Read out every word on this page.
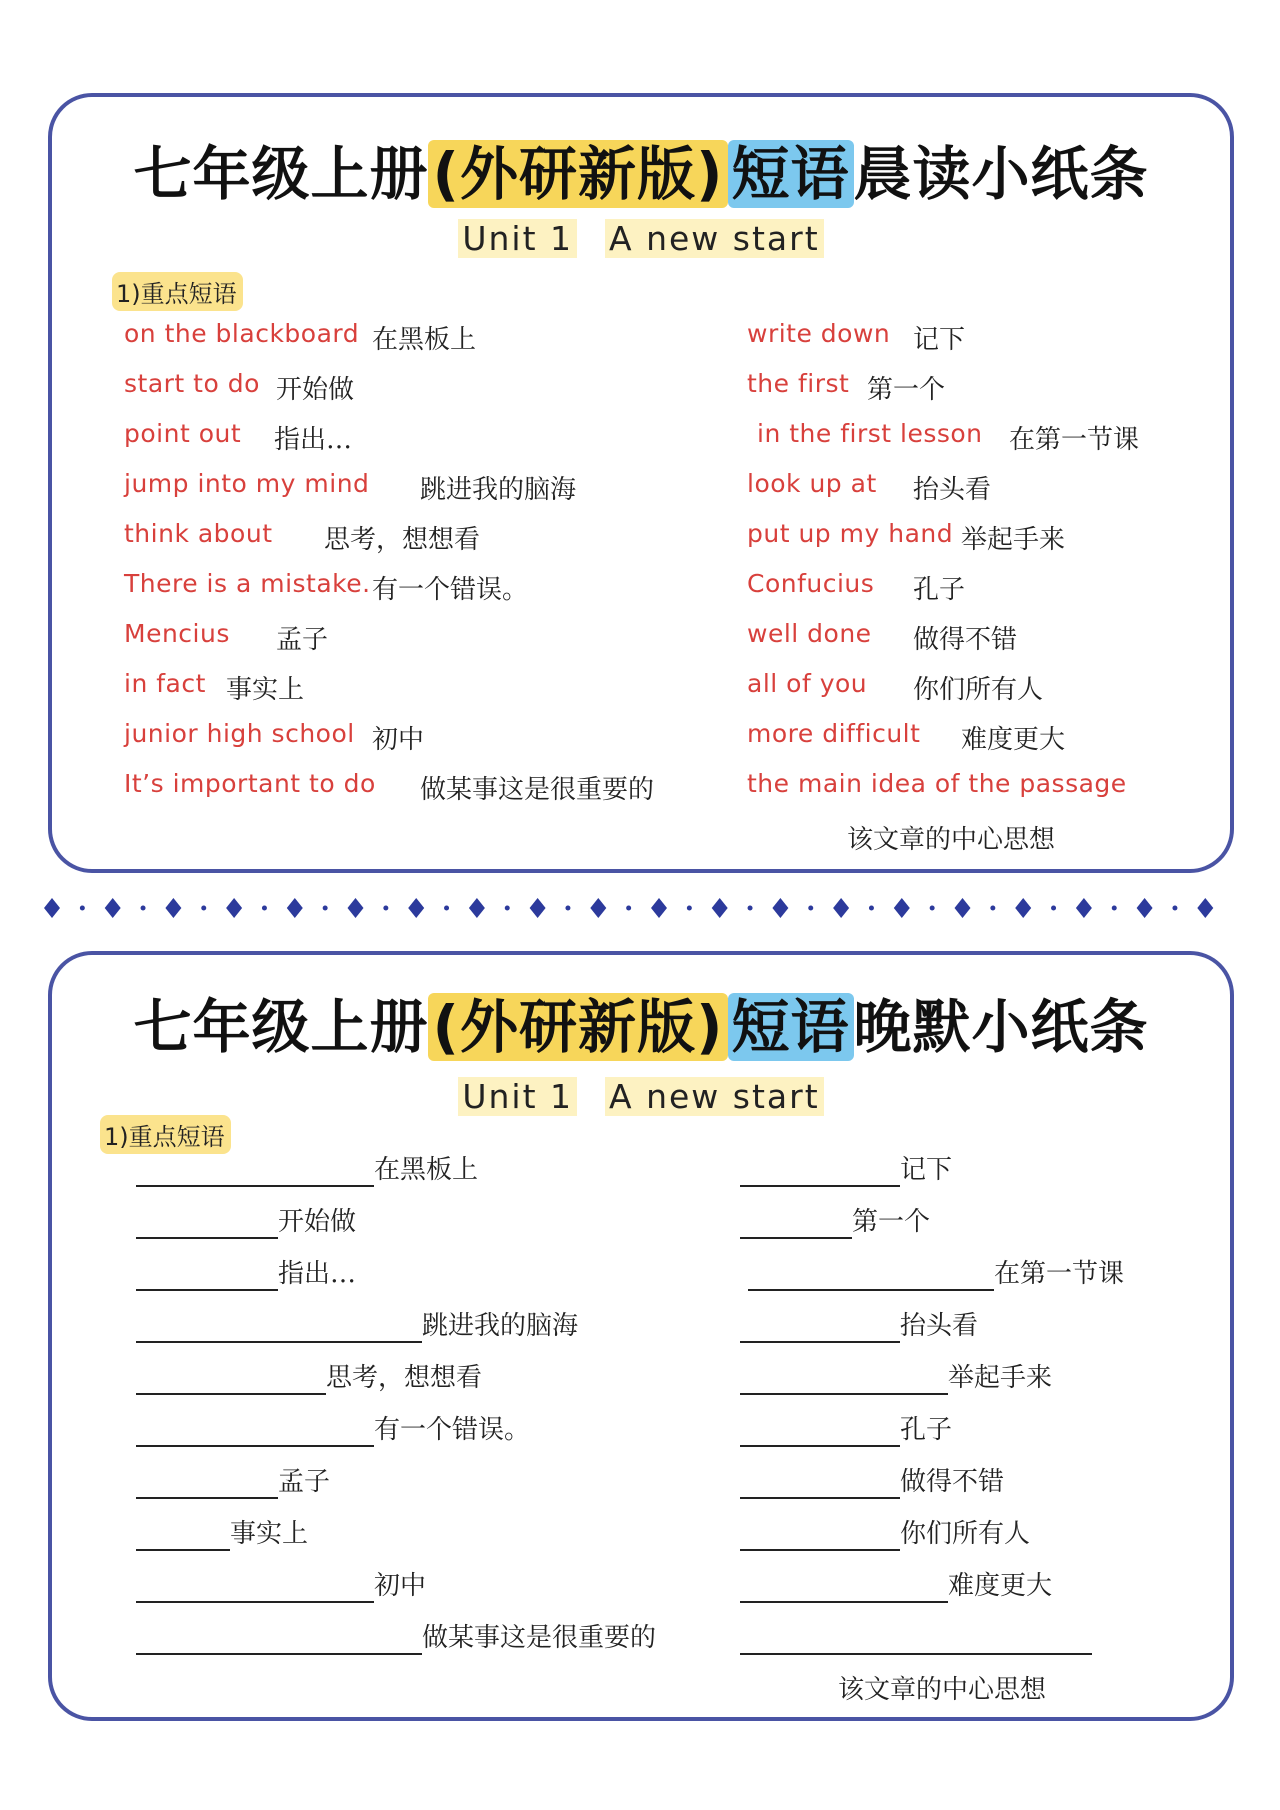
七年级上册(外研新版) 短语晨读小纸条
Unit 1 A new start
1)重点短语
on the blackboard 在黑板上
start to do 开始做
point out 指出…
jump into my mind 跳进我的脑海
think about 思考，想想看
There is a mistake. 有一个错误。
Mencius 孟子
in fact 事实上
junior high school 初中
It’s important to do 做某事这是很重要的
write down 记下
the first 第一个
in the first lesson 在第一节课
look up at 抬头看
put up my hand 举起手来
Confucius 孔子
well done 做得不错
all of you 你们所有人
more difficult 难度更大
the main idea of the passage
该文章的中心思想
七年级上册(外研新版) 短语晚默小纸条
Unit 1 A new start
1)重点短语
在黑板上
开始做
指出…
跳进我的脑海
思考，想想看
有一个错误。
孟子
事实上
初中
做某事这是很重要的
记下
第一个
在第一节课
抬头看
举起手来
孔子
做得不错
你们所有人
难度更大
该文章的中心思想
